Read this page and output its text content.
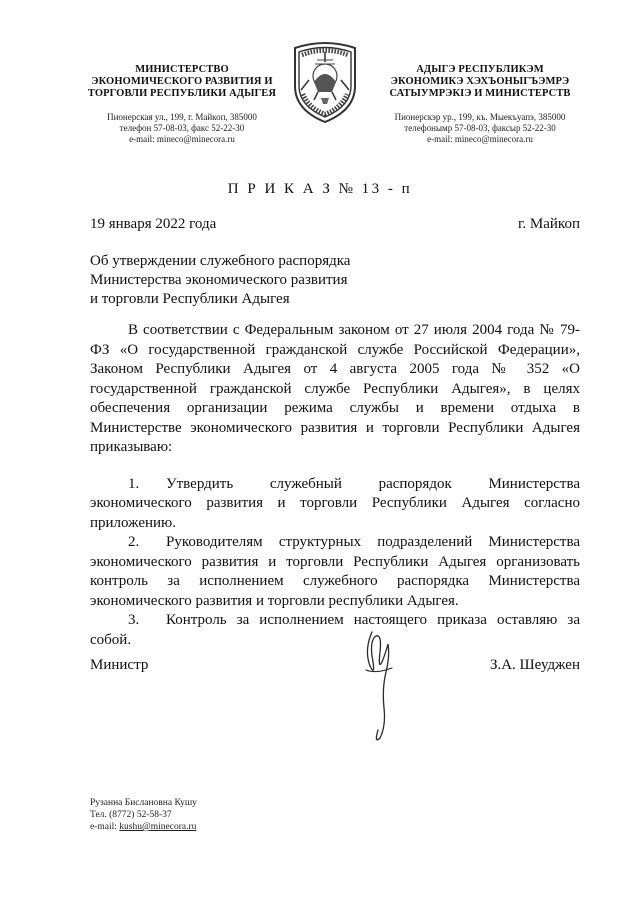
МИНИСТЕРСТВО
ЭКОНОМИЧЕСКОГО РАЗВИТИЯ И
ТОРГОВЛИ РЕСПУБЛИКИ АДЫГЕЯ
Пионерская ул., 199, г. Майкоп, 385000
телефон 57-08-03, факс 52-22-30
e-mail: mineco@minecora.ru
АДЫГЭ РЕСПУБЛИКЭМ
ЭКОНОМИКЭ ХЭХЪОНЫГЪЭМРЭ
САТЫУМРЭКIЭ И МИНИСТЕРСТВ
Пионерскэр ур., 199, къ. Мыекъуапэ, 385000
телефонымр 57-08-03, факсыр 52-22-30
e-mail: mineco@minecora.ru
П Р И К А З № 13 - п
19 января 2022 года	г. Майкоп
Об утверждении служебного распорядка
Министерства экономического развития
и торговли Республики Адыгея

В соответствии с Федеральным законом от 27 июля 2004 года № 79-ФЗ «О государственной гражданской службе Российской Федерации», Законом Республики Адыгея от 4 августа 2005 года № 352 «О государственной гражданской службе Республики Адыгея», в целях обеспечения организации режима службы и времени отдыха в Министерстве экономического развития и торговли Республики Адыгея приказываю:

1. Утвердить служебный распорядок Министерства экономического развития и торговли Республики Адыгея согласно приложению.

2. Руководителям структурных подразделений Министерства экономического развития и торговли Республики Адыгея организовать контроль за исполнением служебного распорядка Министерства экономического развития и торговли республики Адыгея.

3. Контроль за исполнением настоящего приказа оставляю за собой.

Министр	З.А. Шеуджен
Рузанна Бислановна Кушу
Тел. (8772) 52-58-37
e-mail: kushu@minecora.ru
